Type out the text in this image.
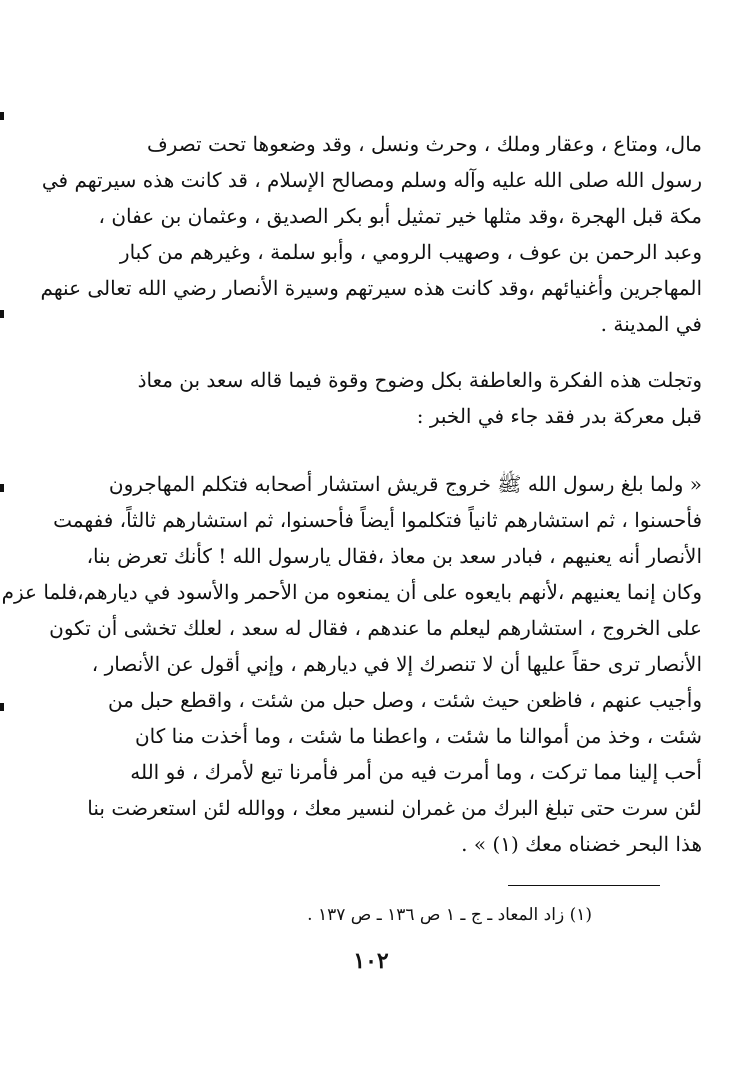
مال، ومتاع ، وعقار وملك ، وحرث ونسل ، وقد وضعوها تحت تصرف
رسول الله صلى الله عليه وآله وسلم ومصالح الإسلام ، قد كانت هذه سيرتهم في
مكة قبل الهجرة ،وقد مثلها خير تمثيل أبو بكر الصديق ، وعثمان بن عفان ،
وعبد الرحمن بن عوف ، وصهيب الرومي ، وأبو سلمة ، وغيرهم من كبار
المهاجرين وأغنيائهم ،وقد كانت هذه سيرتهم وسيرة الأنصار رضي الله تعالى عنهم
في المدينة .
وتجلت هذه الفكرة والعاطفة بكل وضوح وقوة فيما قاله سعد بن معاذ
قبل معركة بدر فقد جاء في الخبر :
« ولما بلغ رسول الله ﷺ خروج قريش استشار أصحابه فتكلم المهاجرون
فأحسنوا ، ثم استشارهم ثانياً فتكلموا أيضاً فأحسنوا، ثم استشارهم ثالثاً، ففهمت
الأنصار أنه يعنيهم ، فبادر سعد بن معاذ ،فقال يارسول الله ! كأنك تعرض بنا،
وكان إنما يعنيهم ،لأنهم بايعوه على أن يمنعوه من الأحمر والأسود في ديارهم،فلما عزم
على الخروج ، استشارهم ليعلم ما عندهم ، فقال له سعد ، لعلك تخشى أن تكون
الأنصار ترى حقاً عليها أن لا تنصرك إلا في ديارهم ، وإني أقول عن الأنصار ،
وأجيب عنهم ، فاظعن حيث شئت ، وصل حبل من شئت ، واقطع حبل من
شئت ، وخذ من أموالنا ما شئت ، واعطنا ما شئت ، وما أخذت منا كان
أحب إلينا مما تركت ، وما أمرت فيه من أمر فأمرنا تبع لأمرك ، فو الله
لئن سرت حتى تبلغ البرك من غمران لنسير معك ، ووالله لئن استعرضت بنا
هذا البحر خضناه معك (١) » .
(١) زاد المعاد ـ ج ـ ١ ص ١٣٦ ـ ص ١٣٧ .
١٠٢
